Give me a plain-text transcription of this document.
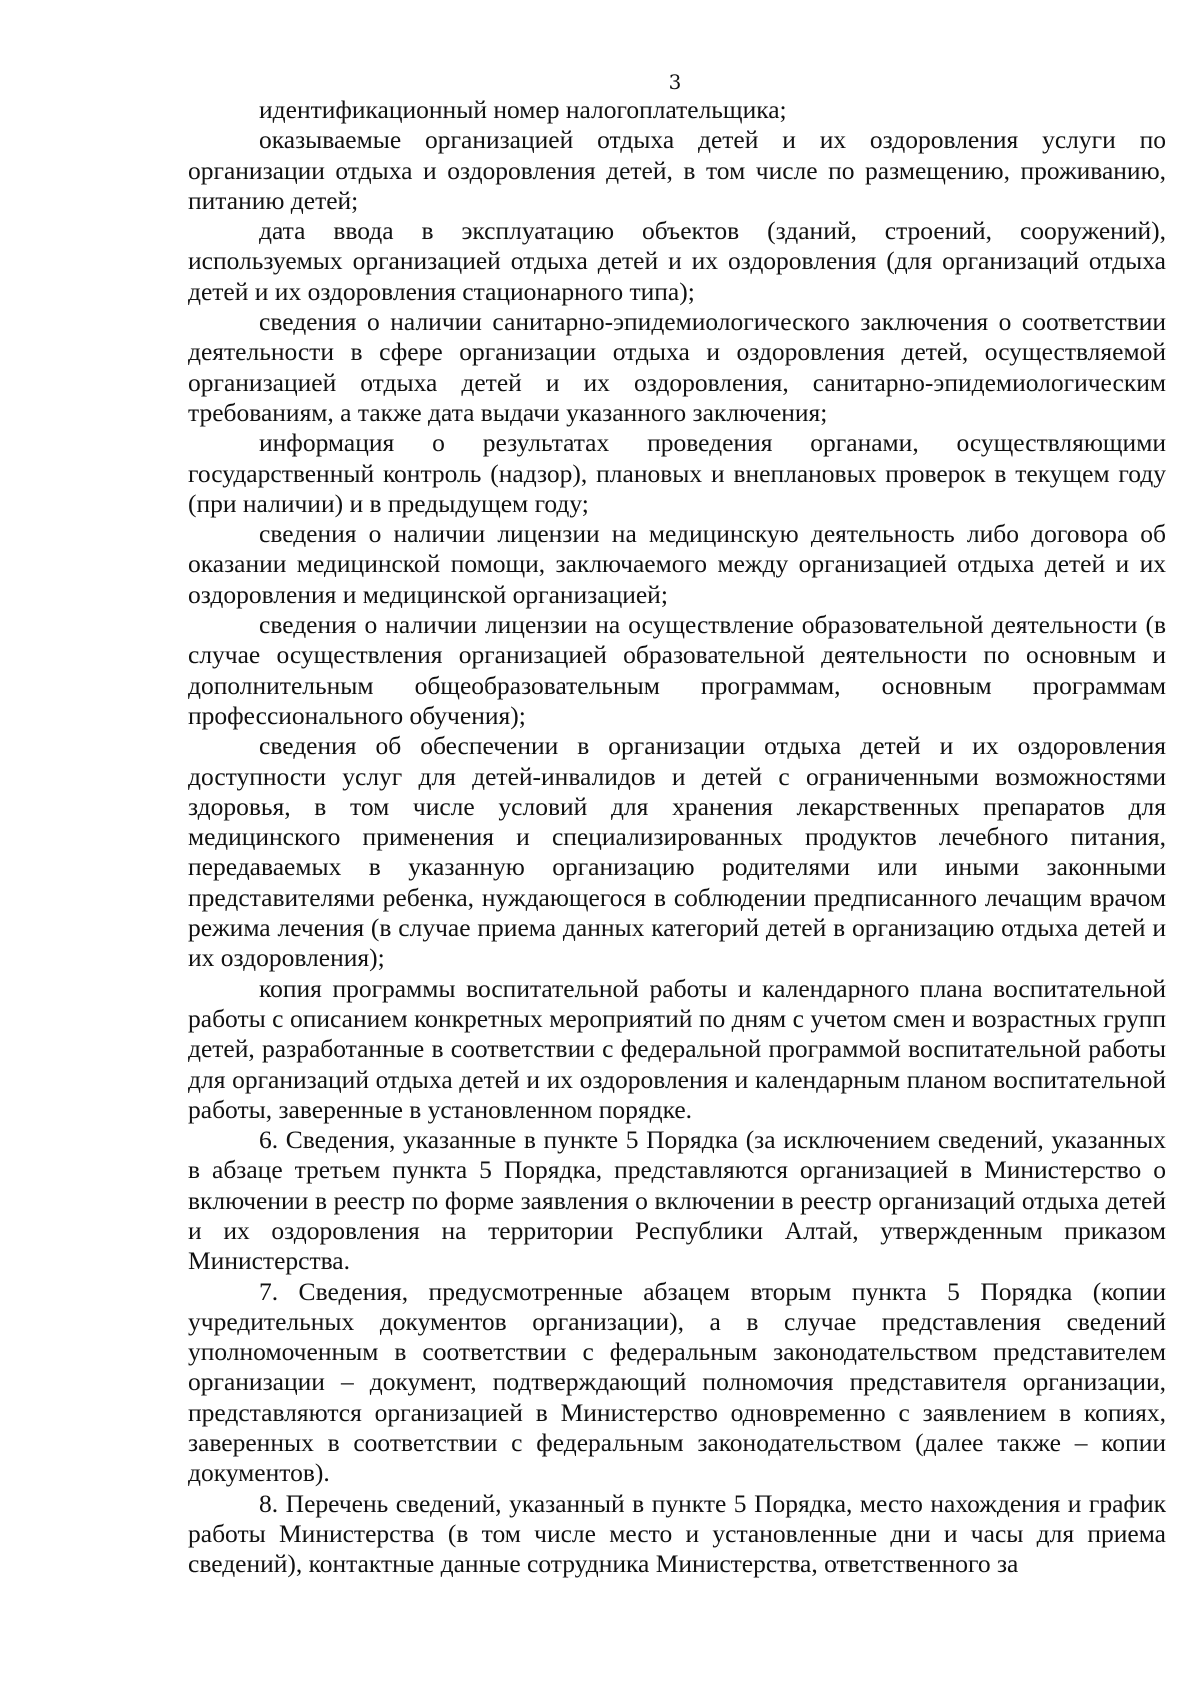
3

идентификационный номер налогоплательщика;

оказываемые организацией отдыха детей и их оздоровления услуги по организации отдыха и оздоровления детей, в том числе по размещению, проживанию, питанию детей;

дата ввода в эксплуатацию объектов (зданий, строений, сооружений), используемых организацией отдыха детей и их оздоровления (для организаций отдыха детей и их оздоровления стационарного типа);

сведения о наличии санитарно-эпидемиологического заключения о соответствии деятельности в сфере организации отдыха и оздоровления детей, осуществляемой организацией отдыха детей и их оздоровления, санитарно-эпидемиологическим требованиям, а также дата выдачи указанного заключения;

информация о результатах проведения органами, осуществляющими государственный контроль (надзор), плановых и внеплановых проверок в текущем году (при наличии) и в предыдущем году;

сведения о наличии лицензии на медицинскую деятельность либо договора об оказании медицинской помощи, заключаемого между организацией отдыха детей и их оздоровления и медицинской организацией;

сведения о наличии лицензии на осуществление образовательной деятельности (в случае осуществления организацией образовательной деятельности по основным и дополнительным общеобразовательным программам, основным программам профессионального обучения);

сведения об обеспечении в организации отдыха детей и их оздоровления доступности услуг для детей-инвалидов и детей с ограниченными возможностями здоровья, в том числе условий для хранения лекарственных препаратов для медицинского применения и специализированных продуктов лечебного питания, передаваемых в указанную организацию родителями или иными законными представителями ребенка, нуждающегося в соблюдении предписанного лечащим врачом режима лечения (в случае приема данных категорий детей в организацию отдыха детей и их оздоровления);

копия программы воспитательной работы и календарного плана воспитательной работы с описанием конкретных мероприятий по дням с учетом смен и возрастных групп детей, разработанные в соответствии с федеральной программой воспитательной работы для организаций отдыха детей и их оздоровления и календарным планом воспитательной работы, заверенные в установленном порядке.

6. Сведения, указанные в пункте 5 Порядка (за исключением сведений, указанных в абзаце третьем пункта 5 Порядка, представляются организацией в Министерство о включении в реестр по форме заявления о включении в реестр организаций отдыха детей и их оздоровления на территории Республики Алтай, утвержденным приказом Министерства.

7. Сведения, предусмотренные абзацем вторым пункта 5 Порядка (копии учредительных документов организации), а в случае представления сведений уполномоченным в соответствии с федеральным законодательством представителем организации – документ, подтверждающий полномочия представителя организации, представляются организацией в Министерство одновременно с заявлением в копиях, заверенных в соответствии с федеральным законодательством (далее также – копии документов).

8. Перечень сведений, указанный в пункте 5 Порядка, место нахождения и график работы Министерства (в том числе место и установленные дни и часы для приема сведений), контактные данные сотрудника Министерства, ответственного за
